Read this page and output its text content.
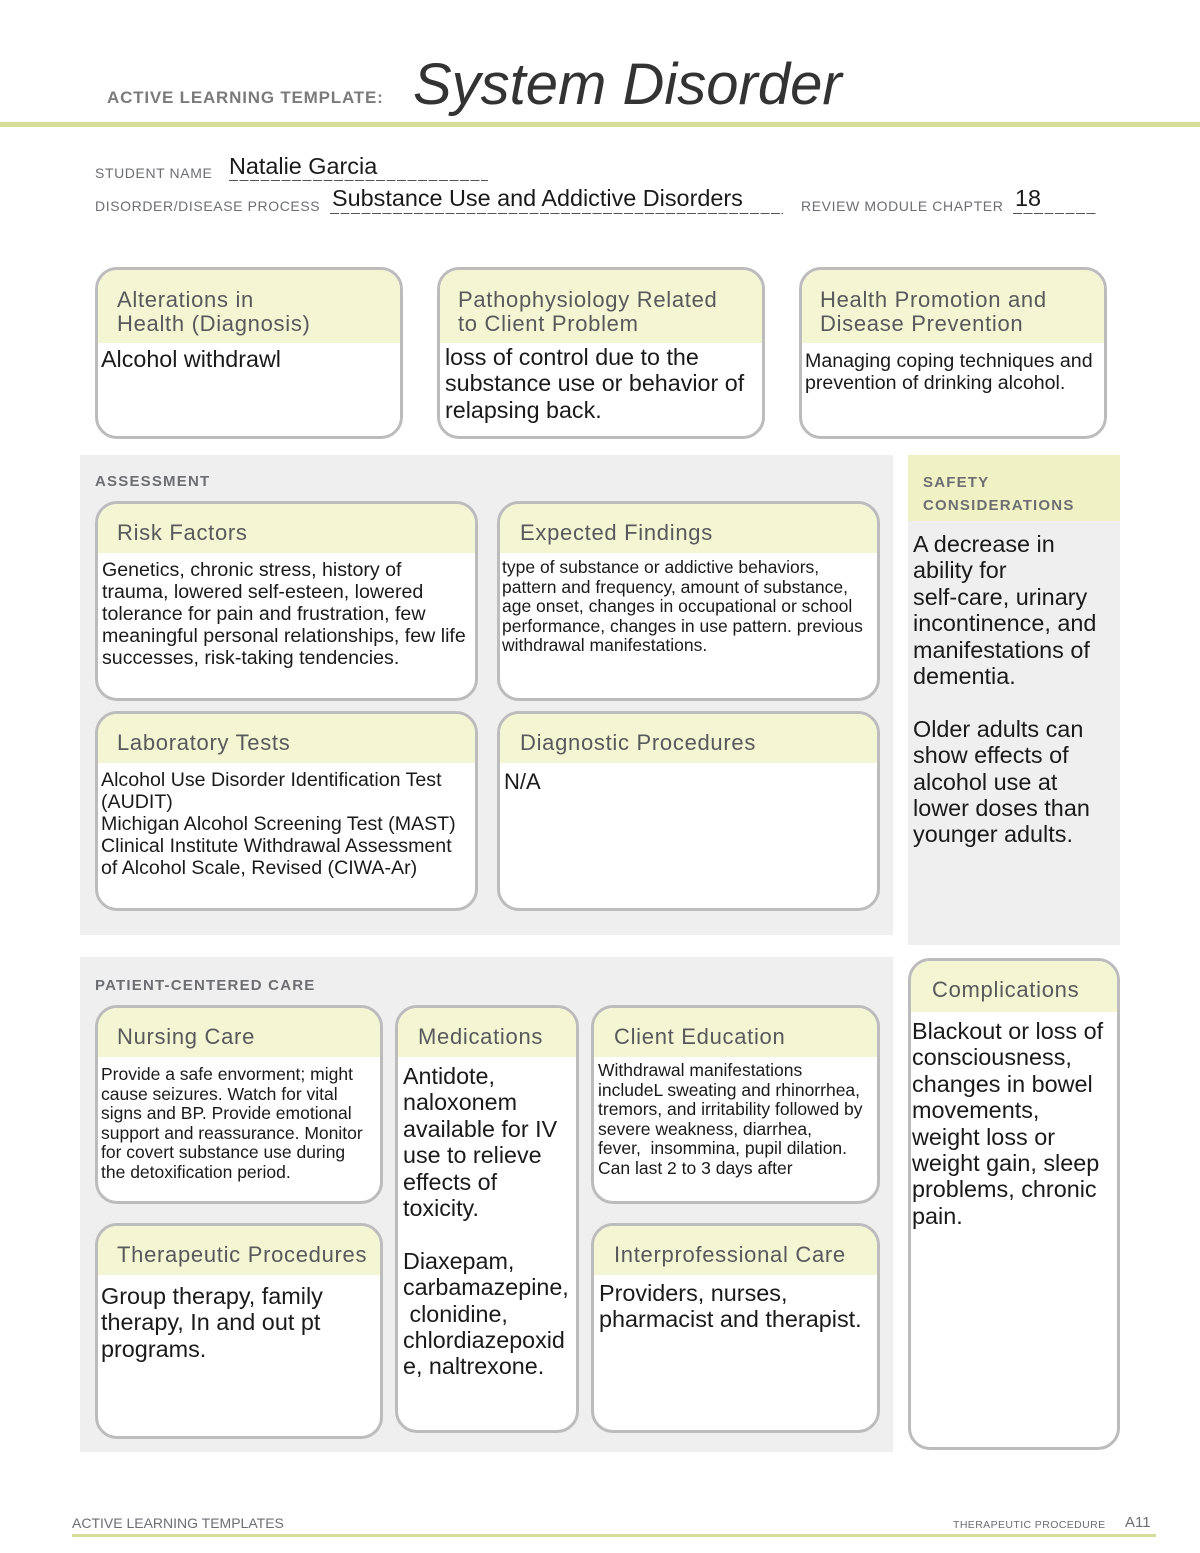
ACTIVE LEARNING TEMPLATE: System Disorder
STUDENT NAME Natalie Garcia
DISORDER/DISEASE PROCESS Substance Use and Addictive Disorders	REVIEW MODULE CHAPTER 18
Alterations in
Health (Diagnosis)
Alcohol withdrawl
Pathophysiology Related
to Client Problem
loss of control due to the
substance use or behavior of
relapsing back.
Health Promotion and
Disease Prevention
Managing coping techniques and
prevention of drinking alcohol.
ASSESSMENT
Risk Factors
Genetics, chronic stress, history of
trauma, lowered self-esteen, lowered
tolerance for pain and frustration, few
meaningful personal relationships, few life
successes, risk-taking tendencies.
Expected Findings
type of substance or addictive behaviors,
pattern and frequency, amount of substance,
age onset, changes in occupational or school
performance, changes in use pattern. previous
withdrawal manifestations.
Laboratory Tests
Alcohol Use Disorder Identification Test
(AUDIT)
Michigan Alcohol Screening Test (MAST)
Clinical Institute Withdrawal Assessment
of Alcohol Scale, Revised (CIWA-Ar)
Diagnostic Procedures
N/A
SAFETY
CONSIDERATIONS
A decrease in
ability for
self-care, urinary
incontinence, and
manifestations of
dementia.

Older adults can
show effects of
alcohol use at
lower doses than
younger adults.
PATIENT-CENTERED CARE
Nursing Care
Provide a safe envorment; might
cause seizures. Watch for vital
signs and BP. Provide emotional
support and reassurance. Monitor
for covert substance use during
the detoxification period.
Medications
Antidote,
naloxonem
available for IV
use to relieve
effects of
toxicity.

Diaxepam,
carbamazepine,
clonidine,
chlordiazepoxid
e, naltrexone.
Client Education
Withdrawal manifestations
includeL sweating and rhinorrhea,
tremors, and irritability followed by
severe weakness, diarrhea,
fever,  insommina, pupil dilation.
Can last 2 to 3 days after
Therapeutic Procedures
Group therapy, family
therapy, In and out pt
programs.
Interprofessional Care
Providers, nurses,
pharmacist and therapist.
Complications
Blackout or loss of
consciousness,
changes in bowel
movements,
weight loss or
weight gain, sleep
problems, chronic
pain.
ACTIVE LEARNING TEMPLATES	THERAPEUTIC PROCEDURE A11
